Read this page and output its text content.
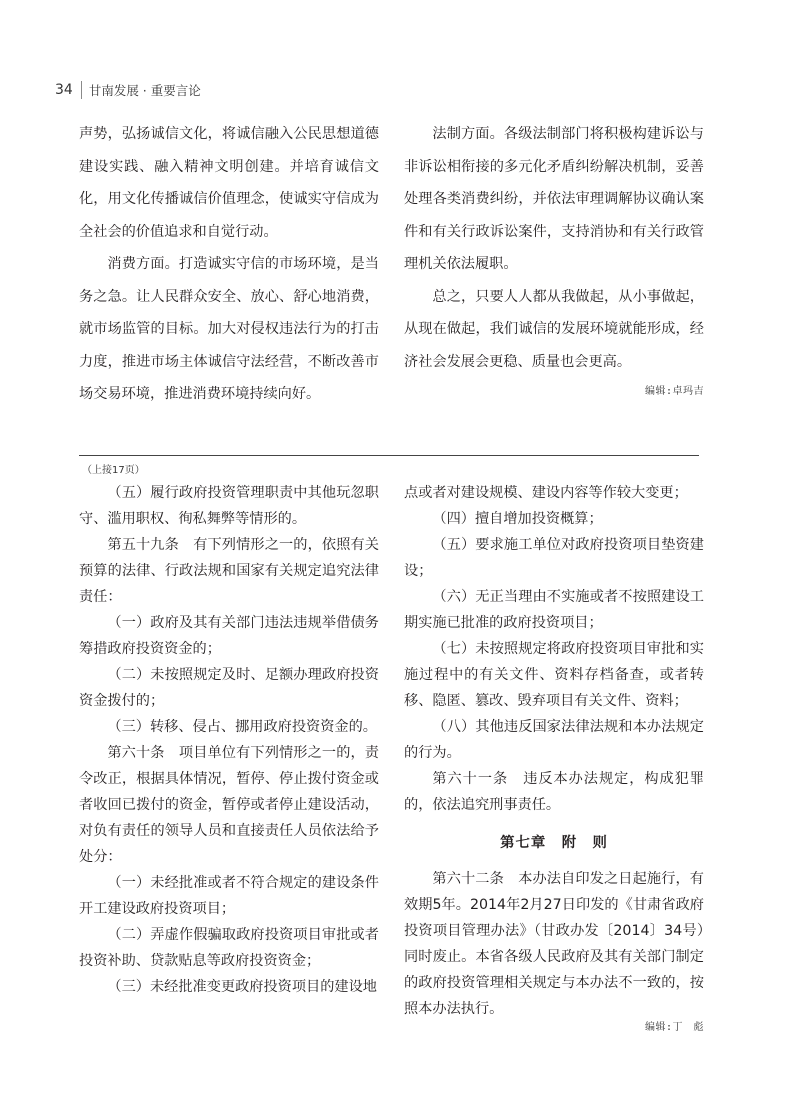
34 甘南发展 · 重要言论

声势，弘扬诚信文化，将诚信融入公民思想道德建设实践、融入精神文明创建。并培育诚信文化，用文化传播诚信价值理念，使诚实守信成为全社会的价值追求和自觉行动。

消费方面。打造诚实守信的市场环境，是当务之急。让人民群众安全、放心、舒心地消费，就市场监管的目标。加大对侵权违法行为的打击力度，推进市场主体诚信守法经营，不断改善市场交易环境，推进消费环境持续向好。

法制方面。各级法制部门将积极构建诉讼与非诉讼相衔接的多元化矛盾纠纷解决机制，妥善处理各类消费纠纷，并依法审理调解协议确认案件和有关行政诉讼案件，支持消协和有关行政管理机关依法履职。

总之，只要人人都从我做起，从小事做起，从现在做起，我们诚信的发展环境就能形成，经济社会发展会更稳、质量也会更高。

编辑:卓玛吉
（上接17页）

（五）履行政府投资管理职责中其他玩忽职守、滥用职权、徇私舞弊等情形的。

第五十九条　有下列情形之一的，依照有关预算的法律、行政法规和国家有关规定追究法律责任：

（一）政府及其有关部门违法违规举借债务筹措政府投资资金的；

（二）未按照规定及时、足额办理政府投资资金拨付的；

（三）转移、侵占、挪用政府投资资金的。

第六十条　项目单位有下列情形之一的，责令改正，根据具体情况，暂停、停止拨付资金或者收回已拨付的资金，暂停或者停止建设活动，对负有责任的领导人员和直接责任人员依法给予处分：

（一）未经批准或者不符合规定的建设条件开工建设政府投资项目；

（二）弄虚作假骗取政府投资项目审批或者投资补助、贷款贴息等政府投资资金；

（三）未经批准变更政府投资项目的建设地

点或者对建设规模、建设内容等作较大变更；

（四）擅自增加投资概算；

（五）要求施工单位对政府投资项目垫资建设；

（六）无正当理由不实施或者不按照建设工期实施已批准的政府投资项目；

（七）未按照规定将政府投资项目审批和实施过程中的有关文件、资料存档备查，或者转移、隐匿、篡改、毁弃项目有关文件、资料；

（八）其他违反国家法律法规和本办法规定的行为。

第六十一条　违反本办法规定，构成犯罪的，依法追究刑事责任。

第七章　附　则

第六十二条　本办法自印发之日起施行，有效期5年。2014年2月27日印发的《甘肃省政府投资项目管理办法》（甘政办发〔2014〕34号）同时废止。本省各级人民政府及其有关部门制定的政府投资管理相关规定与本办法不一致的，按照本办法执行。

编辑:丁　彪
